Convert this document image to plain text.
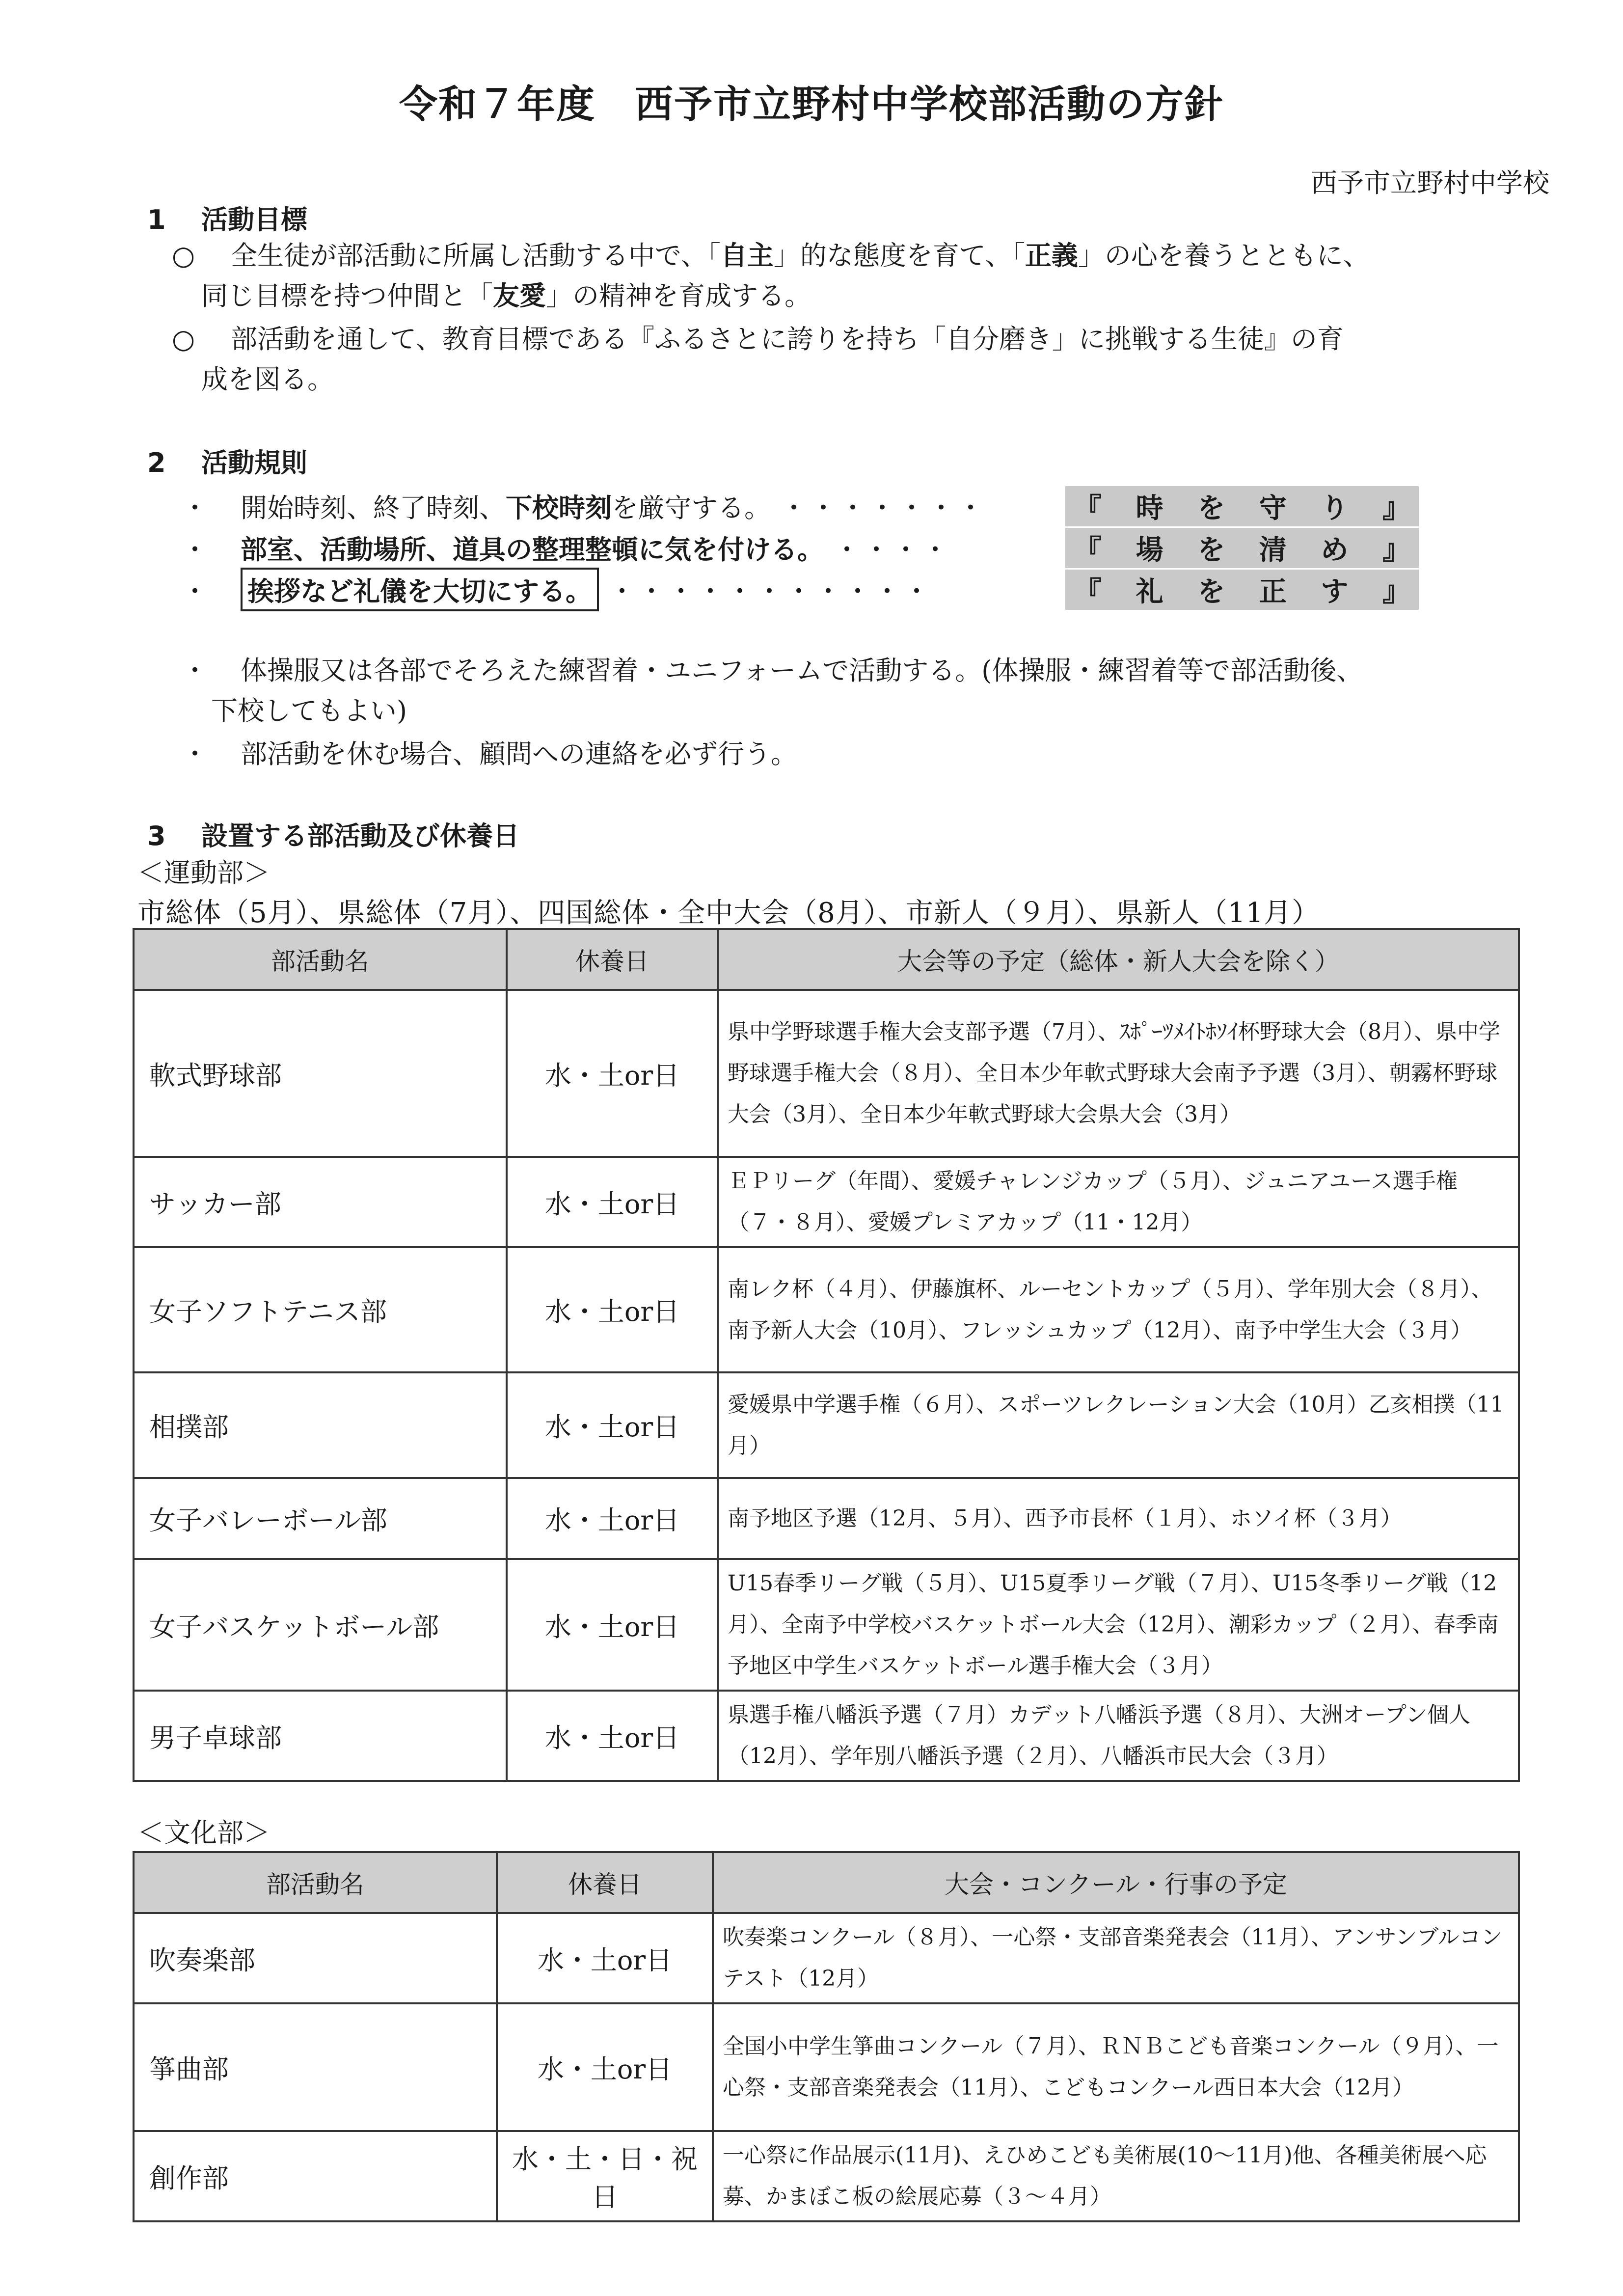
令和７年度　西予市立野村中学校部活動の方針
西予市立野村中学校
1 活動目標
○ 全生徒が部活動に所属し活動する中で、「自主」的な態度を育て、「正義」の心を養うとともに、
同じ目標を持つ仲間と「友愛」の精神を育成する。
○ 部活動を通して、教育目標である『ふるさとに誇りを持ち「自分磨き」に挑戦する生徒』の育
成を図る。
2 活動規則
・	開始時刻、終了時刻、 下校時刻 を厳守する。 ・・・・・・・	『 時 を 守 り 』
・	部室、活動場所、道具の整理整頓に気を付ける。 ・・・・	『 場 を 清 め 』
・	挨拶など礼儀を大切にする。 ・・・・・・・・・・・	『 礼 を 正 す 』
・ 体操服又は各部でそろえた練習着・ユニフォームで活動する。(体操服・練習着等で部活動後、
下校してもよい)
・ 部活動を休む場合、顧問への連絡を必ず行う。
3 設置する部活動及び休養日
＜運動部＞
市総体（5月）、県総体（7月）、四国総体・全中大会（8月）、市新人（９月）、県新人（11月）
部活動名	休養日	大会等の予定（総体・新人大会を除く）
軟式野球部	水・土or日	県中学野球選手権大会支部予選（7月）、ｽﾎﾟｰﾂﾒｲﾄﾎｿｲ杯野球大会（8月）、県中学野球選手権大会（８月）、全日本少年軟式野球大会南予予選（3月）、朝霧杯野球大会（3月）、全日本少年軟式野球大会県大会（3月）
サッカー部	水・土or日	ＥＰリーグ（年間）、愛媛チャレンジカップ（５月）、ジュニアユース選手権（７・８月）、愛媛プレミアカップ（11・12月）
女子ソフトテニス部	水・土or日	南レク杯（４月）、伊藤旗杯、ルーセントカップ（５月）、学年別大会（８月）、南予新人大会（10月）、フレッシュカップ（12月）、南予中学生大会（３月）
相撲部	水・土or日	愛媛県中学選手権（６月）、スポーツレクレーション大会（10月）乙亥相撲（11月）
女子バレーボール部	水・土or日	南予地区予選（12月、５月）、西予市長杯（１月）、ホソイ杯（３月）
女子バスケットボール部	水・土or日	U15春季リーグ戦（５月）、U15夏季リーグ戦（７月）、U15冬季リーグ戦（12月）、全南予中学校バスケットボール大会（12月）、潮彩カップ（２月）、春季南予地区中学生バスケットボール選手権大会（３月）
男子卓球部	水・土or日	県選手権八幡浜予選（７月）カデット八幡浜予選（８月）、大洲オープン個人（12月）、学年別八幡浜予選（２月）、八幡浜市民大会（３月）
＜文化部＞
部活動名	休養日	大会・コンクール・行事の予定
吹奏楽部	水・土or日	吹奏楽コンクール（８月）、一心祭・支部音楽発表会（11月）、アンサンブルコンテスト（12月）
箏曲部	水・土or日	全国小中学生箏曲コンクール（７月）、ＲＮＢこども音楽コンクール（９月）、一心祭・支部音楽発表会（11月）、こどもコンクール西日本大会（12月）
創作部	水・土・日・祝日	一心祭に作品展示(11月)、えひめこども美術展(10～11月)他、各種美術展へ応募、かまぼこ板の絵展応募（３～４月）
